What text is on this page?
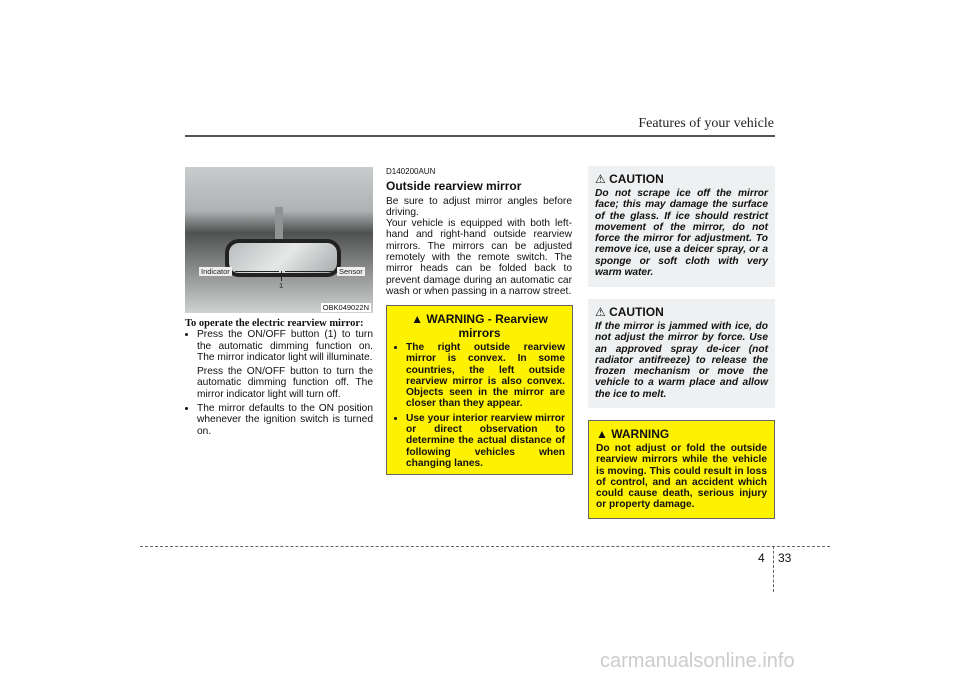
Features of your vehicle
Indicator	Sensor
1
OBK049022N
To operate the electric rearview mirror:
• Press the ON/OFF button (1) to turn the automatic dimming function on. The mirror indicator light will illuminate.
Press the ON/OFF button to turn the automatic dimming function off. The mirror indicator light will turn off.
• The mirror defaults to the ON position whenever the ignition switch is turned on.
D140200AUN
Outside rearview mirror
Be sure to adjust mirror angles before driving.
Your vehicle is equipped with both left-hand and right-hand outside rearview mirrors. The mirrors can be adjusted remotely with the remote switch. The mirror heads can be folded back to prevent damage during an automatic car wash or when passing in a narrow street.
▲ WARNING - Rearview mirrors
• The right outside rearview mirror is convex. In some countries, the left outside rearview mirror is also convex. Objects seen in the mirror are closer than they appear.
• Use your interior rearview mirror or direct observation to determine the actual distance of following vehicles when changing lanes.
⚠ CAUTION
Do not scrape ice off the mirror face; this may damage the surface of the glass. If ice should restrict movement of the mirror, do not force the mirror for adjustment. To remove ice, use a deicer spray, or a sponge or soft cloth with very warm water.
⚠ CAUTION
If the mirror is jammed with ice, do not adjust the mirror by force. Use an approved spray de-icer (not radiator antifreeze) to release the frozen mechanism or move the vehicle to a warm place and allow the ice to melt.
▲ WARNING
Do not adjust or fold the outside rearview mirrors while the vehicle is moving. This could result in loss of control, and an accident which could cause death, serious injury or property damage.
4 33
carmanualsonline.info
